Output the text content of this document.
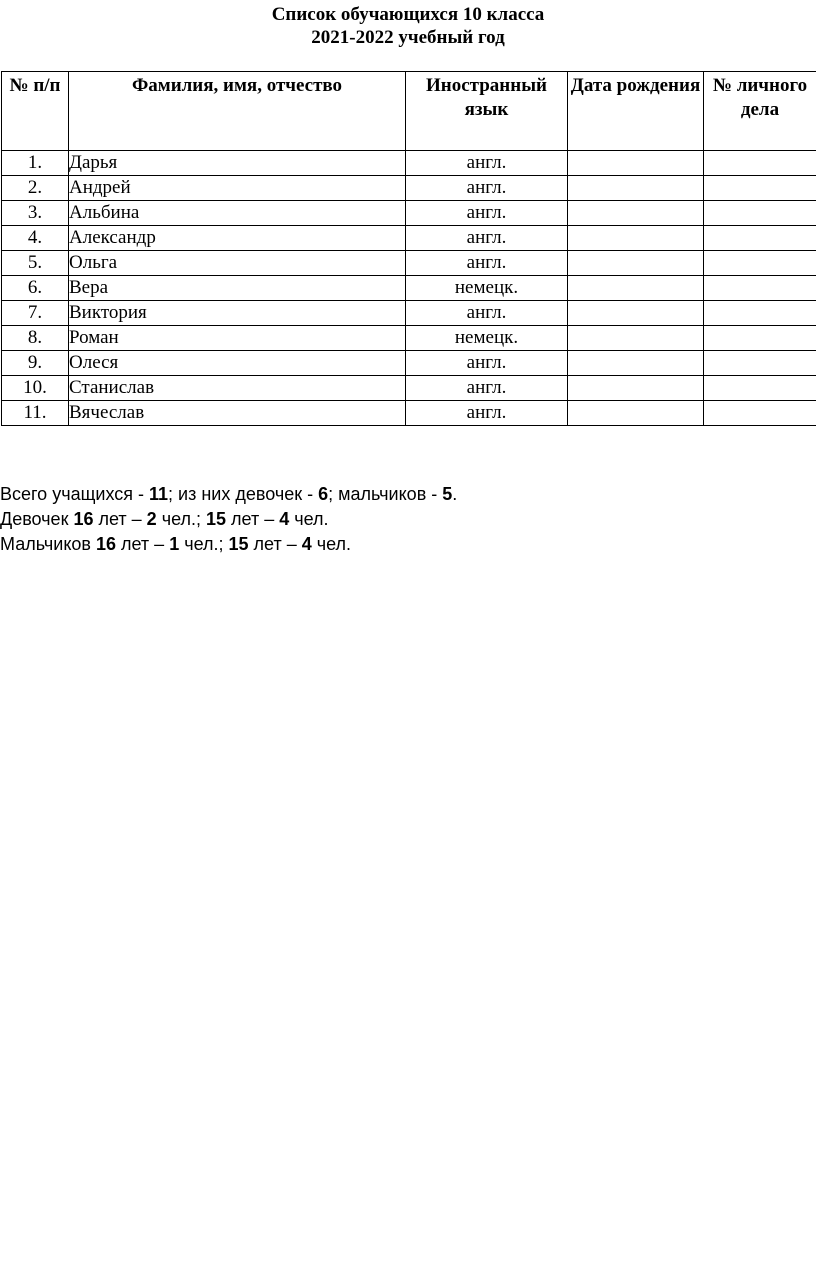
Список обучающихся 10 класса
2021-2022 учебный год
№ п/п	Фамилия, имя, отчество	Иностранный язык	Дата рождения	№ личного дела
1.	Дарья	англ.		
2.	Андрей	англ.		
3.	Альбина	англ.		
4.	Александр	англ.		
5.	Ольга	англ.		
6.	Вера	немецк.		
7.	Виктория	англ.		
8.	Роман	немецк.		
9.	Олеся	англ.		
10.	Станислав	англ.		
11.	Вячеслав	англ.		

Всего учащихся - 11; из них девочек - 6; мальчиков - 5.

Девочек 16 лет – 2 чел.; 15 лет – 4 чел.

Мальчиков 16 лет – 1 чел.; 15 лет – 4 чел.
